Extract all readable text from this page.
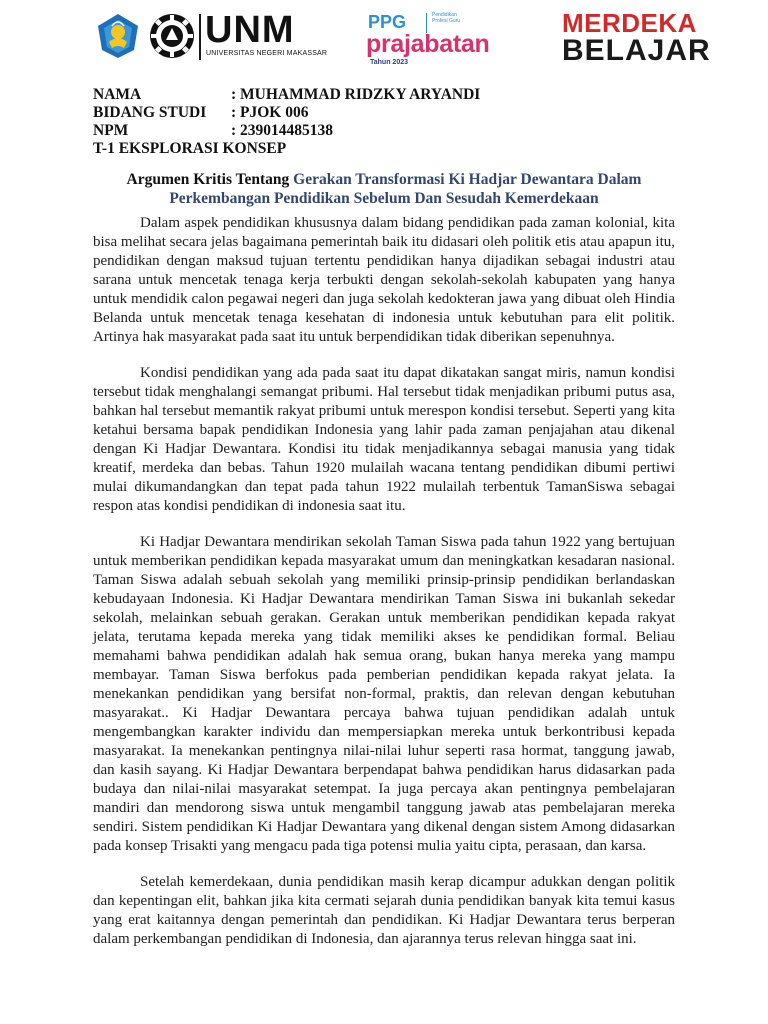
UNM
UNIVERSITAS NEGERI MAKASSAR
PPG	Pendidikan Profesi Guru
prajabatan
Tahun 2023
MERDEKA
BELAJAR
NAMA	: MUHAMMAD RIDZKY ARYANDI
BIDANG STUDI	: PJOK 006
NPM	: 239014485138
T-1 EKSPLORASI KONSEP
Argumen Kritis Tentang Gerakan Transformasi Ki Hadjar Dewantara Dalam Perkembangan Pendidikan Sebelum Dan Sesudah Kemerdekaan

Dalam aspek pendidikan khususnya dalam bidang pendidikan pada zaman kolonial, kita bisa melihat secara jelas bagaimana pemerintah baik itu didasari oleh politik etis atau apapun itu, pendidikan dengan maksud tujuan tertentu pendidikan hanya dijadikan sebagai industri atau sarana untuk mencetak tenaga kerja terbukti dengan sekolah-sekolah kabupaten yang hanya untuk mendidik calon pegawai negeri dan juga sekolah kedokteran jawa yang dibuat oleh Hindia Belanda untuk mencetak tenaga kesehatan di indonesia untuk kebutuhan para elit politik. Artinya hak masyarakat pada saat itu untuk berpendidikan tidak diberikan sepenuhnya.

Kondisi pendidikan yang ada pada saat itu dapat dikatakan sangat miris, namun kondisi tersebut tidak menghalangi semangat pribumi. Hal tersebut tidak menjadikan pribumi putus asa, bahkan hal tersebut memantik rakyat pribumi untuk merespon kondisi tersebut. Seperti yang kita ketahui bersama bapak pendidikan Indonesia yang lahir pada zaman penjajahan atau dikenal dengan Ki Hadjar Dewantara. Kondisi itu tidak menjadikannya sebagai manusia yang tidak kreatif, merdeka dan bebas. Tahun 1920 mulailah wacana tentang pendidikan dibumi pertiwi mulai dikumandangkan dan tepat pada tahun 1922 mulailah terbentuk TamanSiswa sebagai respon atas kondisi pendidikan di indonesia saat itu.

Ki Hadjar Dewantara mendirikan sekolah Taman Siswa pada tahun 1922 yang bertujuan untuk memberikan pendidikan kepada masyarakat umum dan meningkatkan kesadaran nasional. Taman Siswa adalah sebuah sekolah yang memiliki prinsip-prinsip pendidikan berlandaskan kebudayaan Indonesia. Ki Hadjar Dewantara mendirikan Taman Siswa ini bukanlah sekedar sekolah, melainkan sebuah gerakan. Gerakan untuk memberikan pendidikan kepada rakyat jelata, terutama kepada mereka yang tidak memiliki akses ke pendidikan formal. Beliau memahami bahwa pendidikan adalah hak semua orang, bukan hanya mereka yang mampu membayar. Taman Siswa berfokus pada pemberian pendidikan kepada rakyat jelata. Ia menekankan pendidikan yang bersifat non-formal, praktis, dan relevan dengan kebutuhan masyarakat.. Ki Hadjar Dewantara percaya bahwa tujuan pendidikan adalah untuk mengembangkan karakter individu dan mempersiapkan mereka untuk berkontribusi kepada masyarakat. Ia menekankan pentingnya nilai-nilai luhur seperti rasa hormat, tanggung jawab, dan kasih sayang. Ki Hadjar Dewantara berpendapat bahwa pendidikan harus didasarkan pada budaya dan nilai-nilai masyarakat setempat. Ia juga percaya akan pentingnya pembelajaran mandiri dan mendorong siswa untuk mengambil tanggung jawab atas pembelajaran mereka sendiri. Sistem pendidikan Ki Hadjar Dewantara yang dikenal dengan sistem Among didasarkan pada konsep Trisakti yang mengacu pada tiga potensi mulia yaitu cipta, perasaan, dan karsa.

Setelah kemerdekaan, dunia pendidikan masih kerap dicampur adukkan dengan politik dan kepentingan elit, bahkan jika kita cermati sejarah dunia pendidikan banyak kita temui kasus yang erat kaitannya dengan pemerintah dan pendidikan. Ki Hadjar Dewantara terus berperan dalam perkembangan pendidikan di Indonesia, dan ajarannya terus relevan hingga saat ini.
